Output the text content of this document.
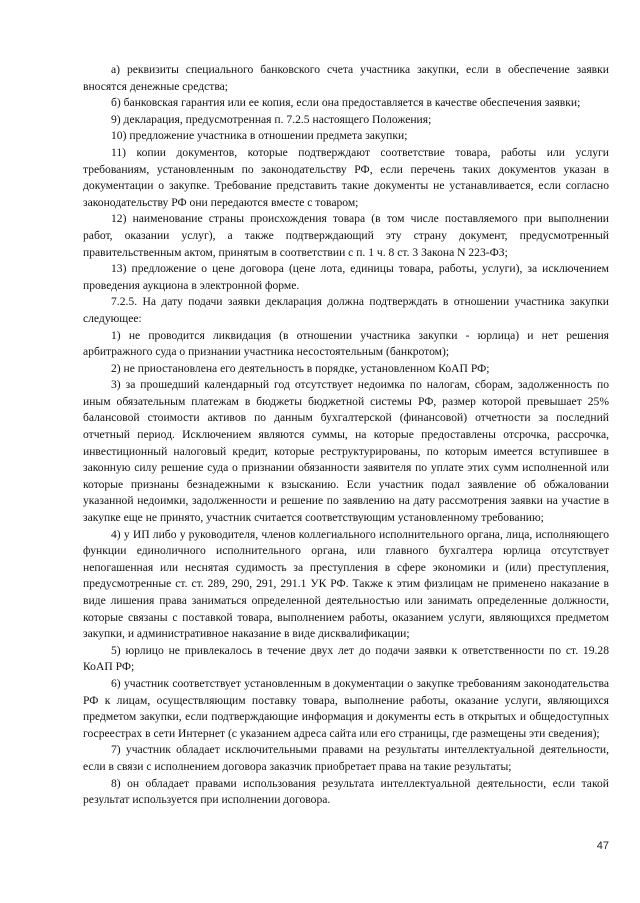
а) реквизиты специального банковского счета участника закупки, если в обеспечение заявки вносятся денежные средства;

б) банковская гарантия или ее копия, если она предоставляется в качестве обеспечения заявки;

9) декларация, предусмотренная п. 7.2.5 настоящего Положения;

10) предложение участника в отношении предмета закупки;

11) копии документов, которые подтверждают соответствие товара, работы или услуги требованиям, установленным по законодательству РФ, если перечень таких документов указан в документации о закупке. Требование представить такие документы не устанавливается, если согласно законодательству РФ они передаются вместе с товаром;

12) наименование страны происхождения товара (в том числе поставляемого при выполнении работ, оказании услуг), а также подтверждающий эту страну документ, предусмотренный правительственным актом, принятым в соответствии с п. 1 ч. 8 ст. 3 Закона N 223-ФЗ;

13) предложение о цене договора (цене лота, единицы товара, работы, услуги), за исключением проведения аукциона в электронной форме.

7.2.5. На дату подачи заявки декларация должна подтверждать в отношении участника закупки следующее:

1) не проводится ликвидация (в отношении участника закупки - юрлица) и нет решения арбитражного суда о признании участника несостоятельным (банкротом);

2) не приостановлена его деятельность в порядке, установленном КоАП РФ;

3) за прошедший календарный год отсутствует недоимка по налогам, сборам, задолженность по иным обязательным платежам в бюджеты бюджетной системы РФ, размер которой превышает 25% балансовой стоимости активов по данным бухгалтерской (финансовой) отчетности за последний отчетный период. Исключением являются суммы, на которые предоставлены отсрочка, рассрочка, инвестиционный налоговый кредит, которые реструктурированы, по которым имеется вступившее в законную силу решение суда о признании обязанности заявителя по уплате этих сумм исполненной или которые признаны безнадежными к взысканию. Если участник подал заявление об обжаловании указанной недоимки, задолженности и решение по заявлению на дату рассмотрения заявки на участие в закупке еще не принято, участник считается соответствующим установленному требованию;

4) у ИП либо у руководителя, членов коллегиального исполнительного органа, лица, исполняющего функции единоличного исполнительного органа, или главного бухгалтера юрлица отсутствует непогашенная или неснятая судимость за преступления в сфере экономики и (или) преступления, предусмотренные ст. ст. 289, 290, 291, 291.1 УК РФ. Также к этим физлицам не применено наказание в виде лишения права заниматься определенной деятельностью или занимать определенные должности, которые связаны с поставкой товара, выполнением работы, оказанием услуги, являющихся предметом закупки, и административное наказание в виде дисквалификации;

5) юрлицо не привлекалось в течение двух лет до подачи заявки к ответственности по ст. 19.28 КоАП РФ;

6) участник соответствует установленным в документации о закупке требованиям законодательства РФ к лицам, осуществляющим поставку товара, выполнение работы, оказание услуги, являющихся предметом закупки, если подтверждающие информация и документы есть в открытых и общедоступных госреестрах в сети Интернет (с указанием адреса сайта или его страницы, где размещены эти сведения);

7) участник обладает исключительными правами на результаты интеллектуальной деятельности, если в связи с исполнением договора заказчик приобретает права на такие результаты;

8) он обладает правами использования результата интеллектуальной деятельности, если такой результат используется при исполнении договора.

47
